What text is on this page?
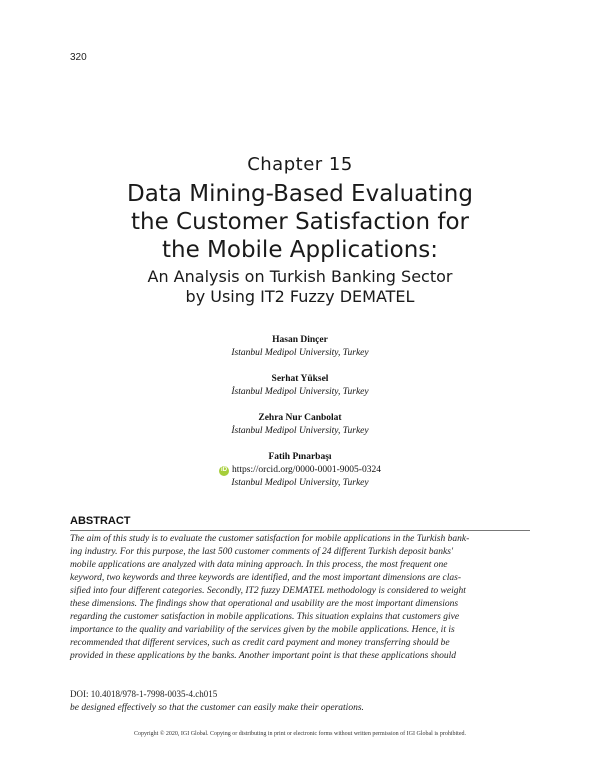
320
Chapter 15
Data Mining-Based Evaluating
the Customer Satisfaction for
the Mobile Applications:
An Analysis on Turkish Banking Sector
by Using IT2 Fuzzy DEMATEL
Hasan Dinçer
Istanbul Medipol University, Turkey
Serhat Yüksel
İstanbul Medipol University, Turkey
Zehra Nur Canbolat
İstanbul Medipol University, Turkey
Fatih Pınarbaşı
iD https://orcid.org/0000-0001-9005-0324
Istanbul Medipol University, Turkey
ABSTRACT
The aim of this study is to evaluate the customer satisfaction for mobile applications in the Turkish bank-
ing industry. For this purpose, the last 500 customer comments of 24 different Turkish deposit banks'
mobile applications are analyzed with data mining approach. In this process, the most frequent one
keyword, two keywords and three keywords are identified, and the most important dimensions are clas-
sified into four different categories. Secondly, IT2 fuzzy DEMATEL methodology is considered to weight
these dimensions. The findings show that operational and usability are the most important dimensions
regarding the customer satisfaction in mobile applications. This situation explains that customers give
importance to the quality and variability of the services given by the mobile applications. Hence, it is
recommended that different services, such as credit card payment and money transferring should be
provided in these applications by the banks. Another important point is that these applications should
DOI: 10.4018/978-1-7998-0035-4.ch015
be designed effectively so that the customer can easily make their operations.
Copyright © 2020, IGI Global. Copying or distributing in print or electronic forms without written permission of IGI Global is prohibited.
